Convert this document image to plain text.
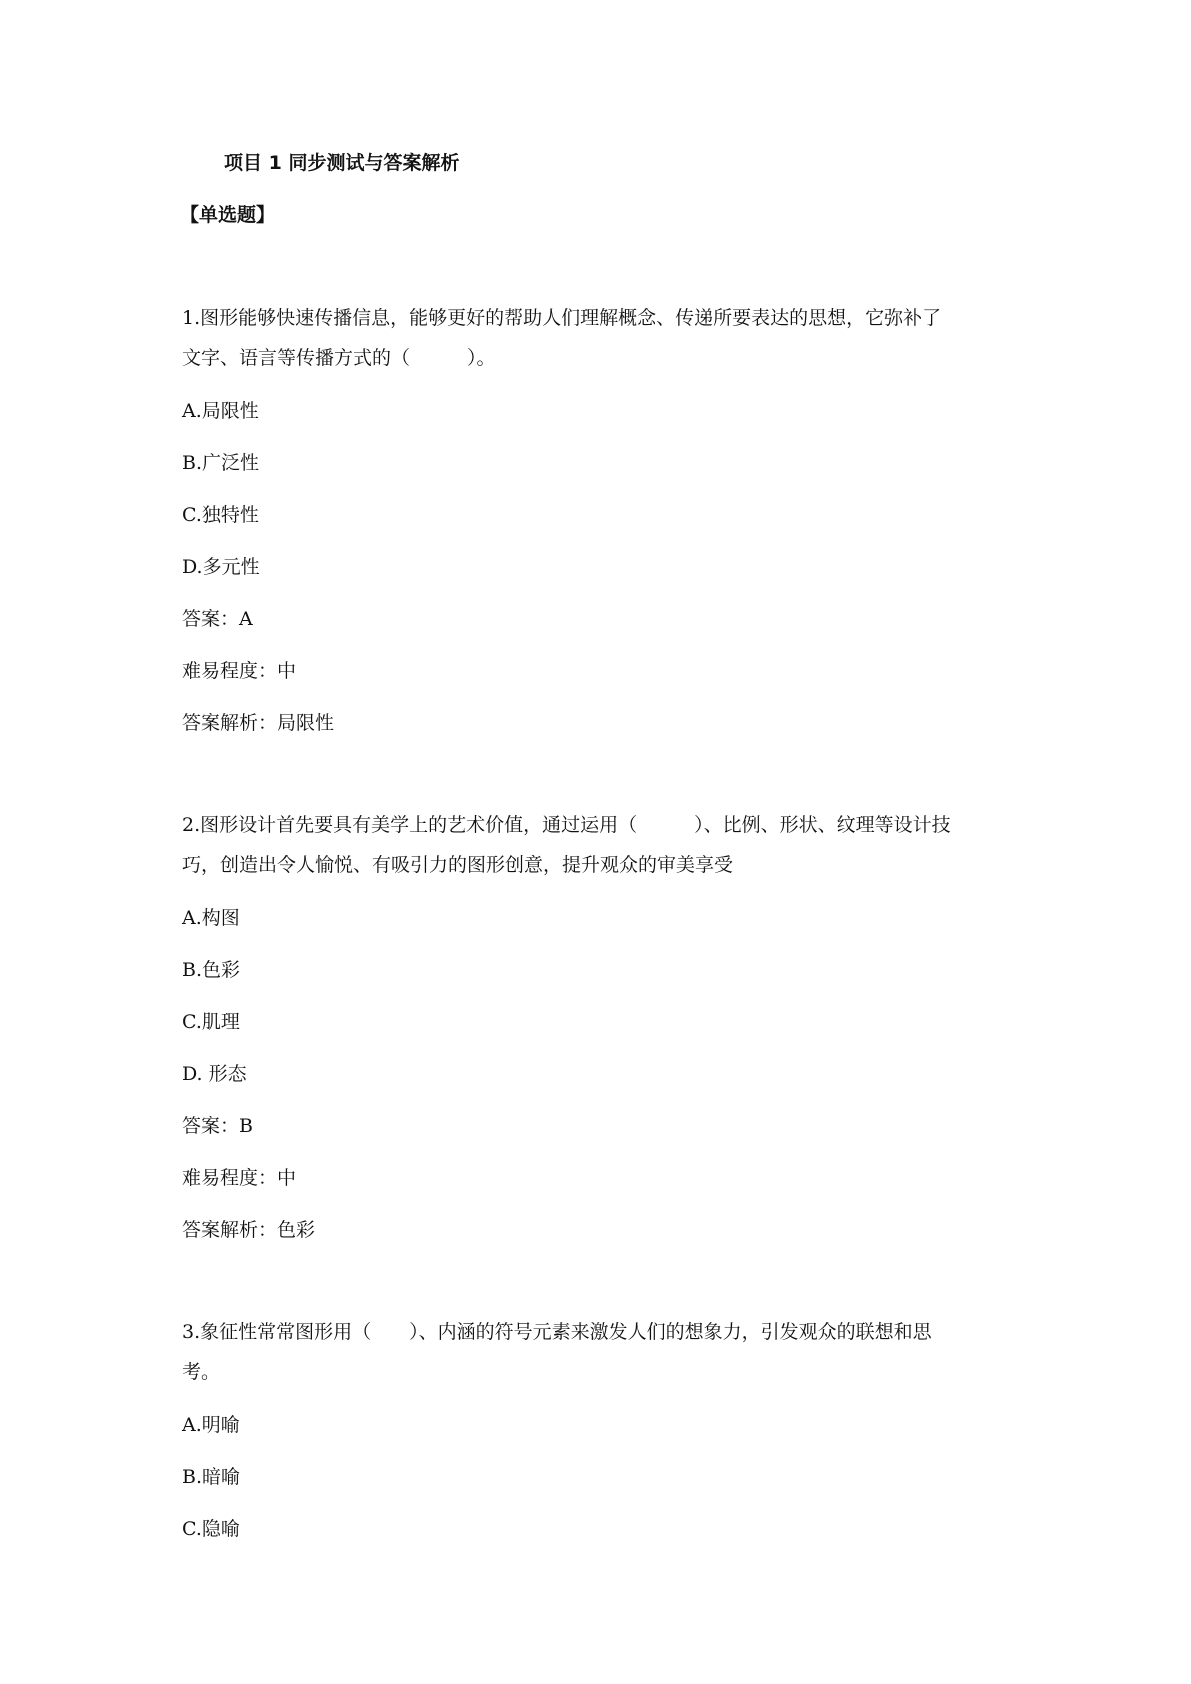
项目 1 同步测试与答案解析
【单选题】
1.图形能够快速传播信息，能够更好的帮助人们理解概念、传递所要表达的思想，它弥补了
文字、语言等传播方式的（　　　）。
A.局限性
B.广泛性
C.独特性
D.多元性
答案：A
难易程度：中
答案解析：局限性
2.图形设计首先要具有美学上的艺术价值，通过运用（　　　）、比例、形状、纹理等设计技
巧，创造出令人愉悦、有吸引力的图形创意，提升观众的审美享受
A.构图
B.色彩
C.肌理
D. 形态
答案：B
难易程度：中
答案解析：色彩
3.象征性常常图形用（　　）、内涵的符号元素来激发人们的想象力，引发观众的联想和思
考。
A.明喻
B.暗喻
C.隐喻
